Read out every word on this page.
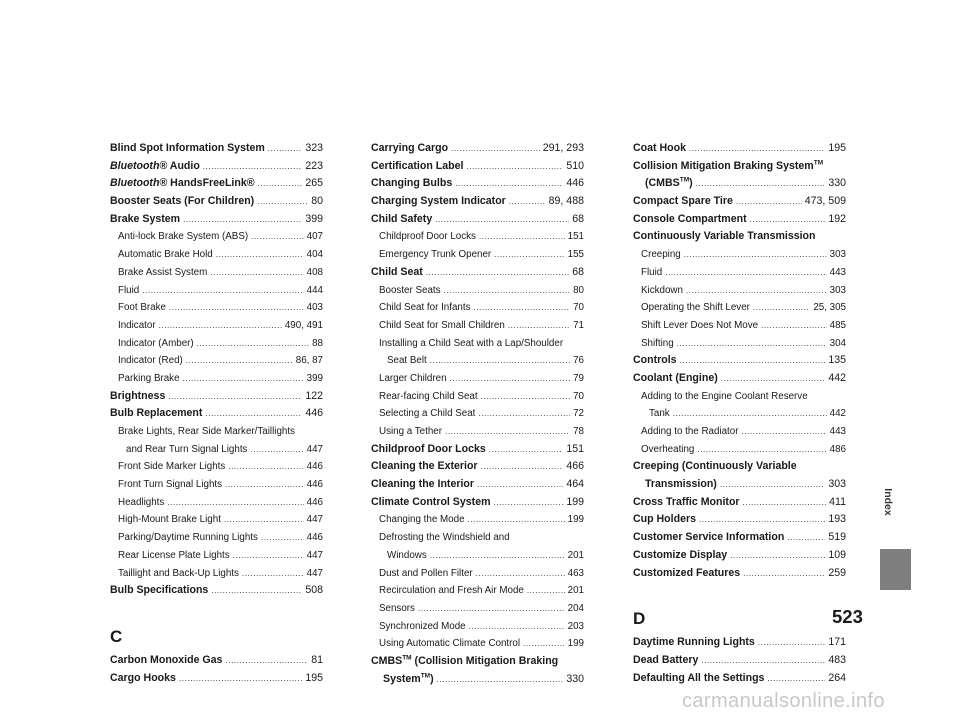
Blind Spot Information System .....	323
Bluetooth® Audio .....	223
Bluetooth® HandsFreeLink® .....	265
Booster Seats (For Children) .....	80
Brake System .....	399
Anti-lock Brake System (ABS) .....	407
Automatic Brake Hold .....	404
Brake Assist System .....	408
Fluid .....	444
Foot Brake .....	403
Indicator .....	490, 491
Indicator (Amber) .....	88
Indicator (Red) .....	86, 87
Parking Brake .....	399
Brightness .....	122
Bulb Replacement .....	446
Brake Lights, Rear Side Marker/Taillights
and Rear Turn Signal Lights .....	447
Front Side Marker Lights .....	446
Front Turn Signal Lights .....	446
Headlights .....	446
High-Mount Brake Light .....	447
Parking/Daytime Running Lights .....	446
Rear License Plate Lights .....	447
Taillight and Back-Up Lights .....	447
Bulb Specifications .....	508
C
Carbon Monoxide Gas .....	81
Cargo Hooks .....	195
Carrying Cargo .....	291, 293
Certification Label .....	510
Changing Bulbs .....	446
Charging System Indicator .....	89, 488
Child Safety .....	68
Childproof Door Locks .....	151
Emergency Trunk Opener .....	155
Child Seat .....	68
Booster Seats .....	80
Child Seat for Infants .....	70
Child Seat for Small Children .....	71
Installing a Child Seat with a Lap/Shoulder
Seat Belt .....	76
Larger Children .....	79
Rear-facing Child Seat .....	70
Selecting a Child Seat .....	72
Using a Tether .....	78
Childproof Door Locks .....	151
Cleaning the Exterior .....	466
Cleaning the Interior .....	464
Climate Control System .....	199
Changing the Mode .....	199
Defrosting the Windshield and
Windows .....	201
Dust and Pollen Filter .....	463
Recirculation and Fresh Air Mode .....	201
Sensors .....	204
Synchronized Mode .....	203
Using Automatic Climate Control .....	199
CMBS™ (Collision Mitigation Braking
System™) .....	330
Coat Hook .....	195
Collision Mitigation Braking System™
(CMBS™) .....	330
Compact Spare Tire .....	473, 509
Console Compartment .....	192
Continuously Variable Transmission
Creeping .....	303
Fluid .....	443
Kickdown .....	303
Operating the Shift Lever .....	25, 305
Shift Lever Does Not Move .....	485
Shifting .....	304
Controls .....	135
Coolant (Engine) .....	442
Adding to the Engine Coolant Reserve
Tank .....	442
Adding to the Radiator .....	443
Overheating .....	486
Creeping (Continuously Variable
Transmission) .....	303
Cross Traffic Monitor .....	411
Cup Holders .....	193
Customer Service Information .....	519
Customize Display .....	109
Customized Features .....	259
D
Daytime Running Lights .....	171
Dead Battery .....	483
Defaulting All the Settings .....	264
Index
523
carmanualsonline.info
